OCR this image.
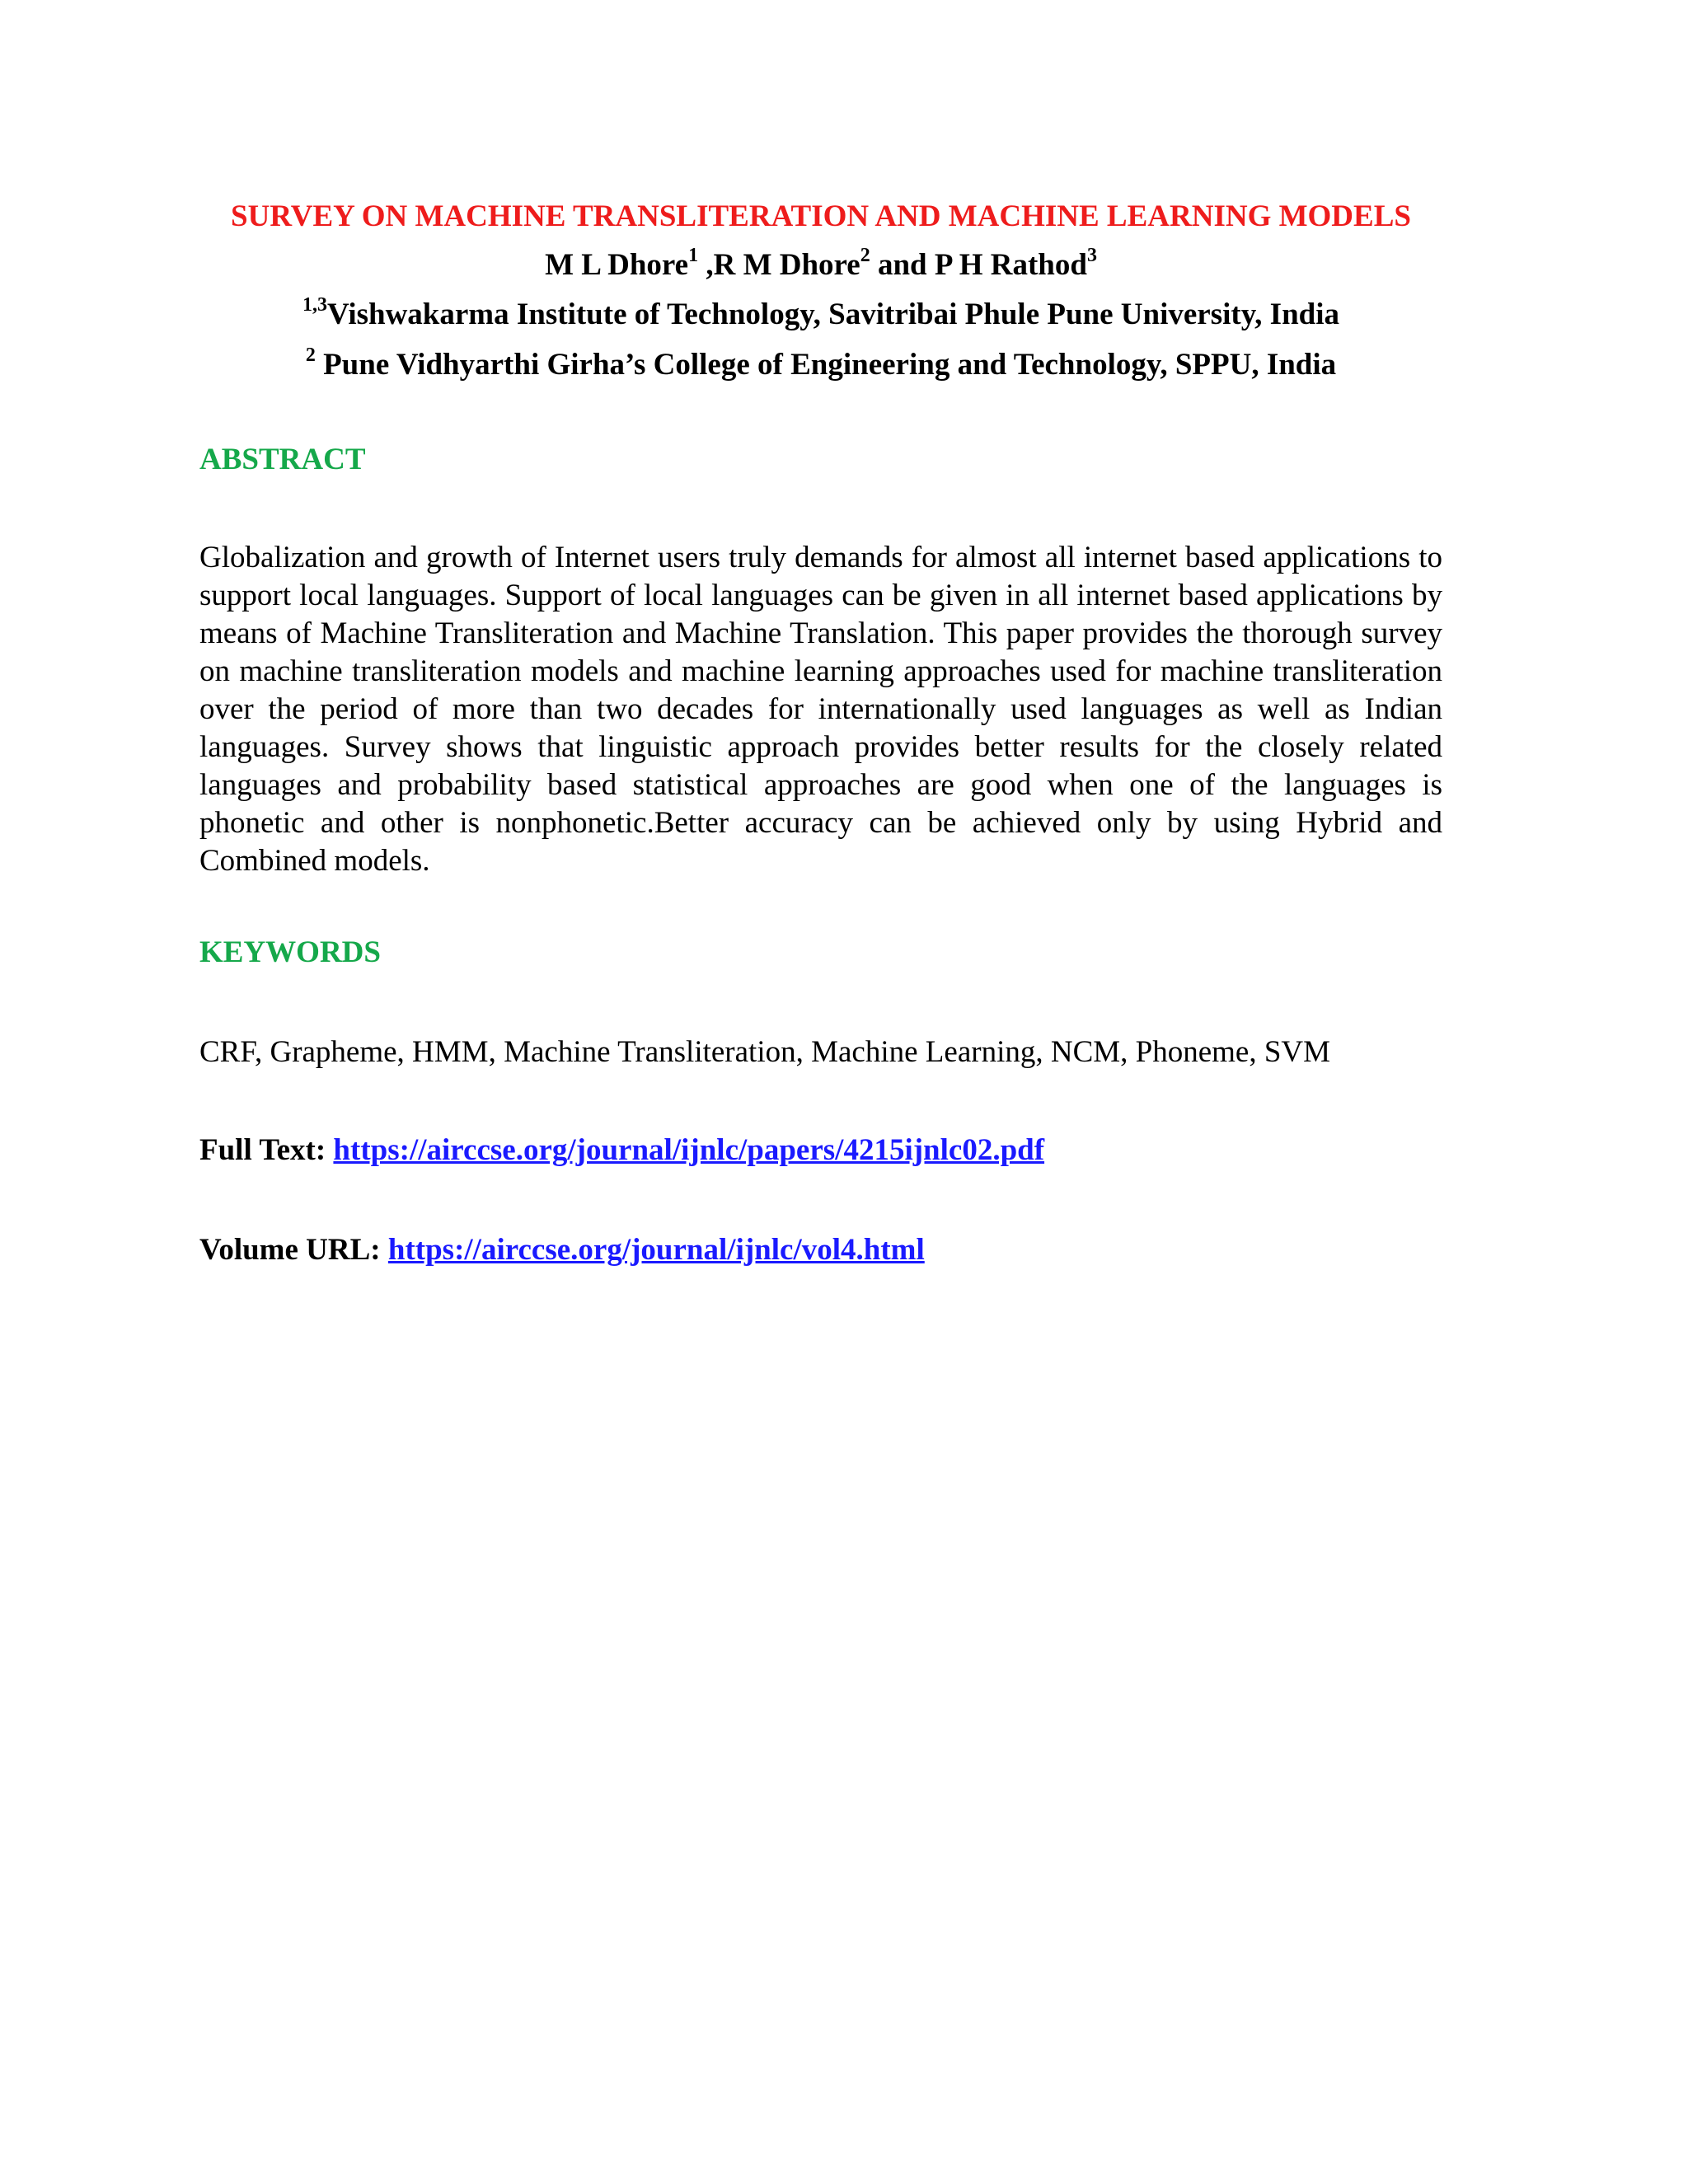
SURVEY ON MACHINE TRANSLITERATION AND MACHINE LEARNING MODELS
M L Dhore$^1$ ,R M Dhore$^2$ and P H Rathod$^3$
$^{1,3}$Vishwakarma Institute of Technology, Savitribai Phule Pune University, India
$^2$ Pune Vidhyarthi Girha’s College of Engineering and Technology, SPPU, India
ABSTRACT

Globalization and growth of Internet users truly demands for almost all internet based applications to support local languages. Support of local languages can be given in all internet based applications by means of Machine Transliteration and Machine Translation. This paper provides the thorough survey on machine transliteration models and machine learning approaches used for machine transliteration over the period of more than two decades for internationally used languages as well as Indian languages. Survey shows that linguistic approach provides better results for the closely related languages and probability based statistical approaches are good when one of the languages is phonetic and other is nonphonetic.Better accuracy can be achieved only by using Hybrid and Combined models.

KEYWORDS
CRF, Grapheme, HMM, Machine Transliteration, Machine Learning, NCM, Phoneme, SVM
Full Text: https://airccse.org/journal/ijnlc/papers/4215ijnlc02.pdf
Volume URL: https://airccse.org/journal/ijnlc/vol4.html
